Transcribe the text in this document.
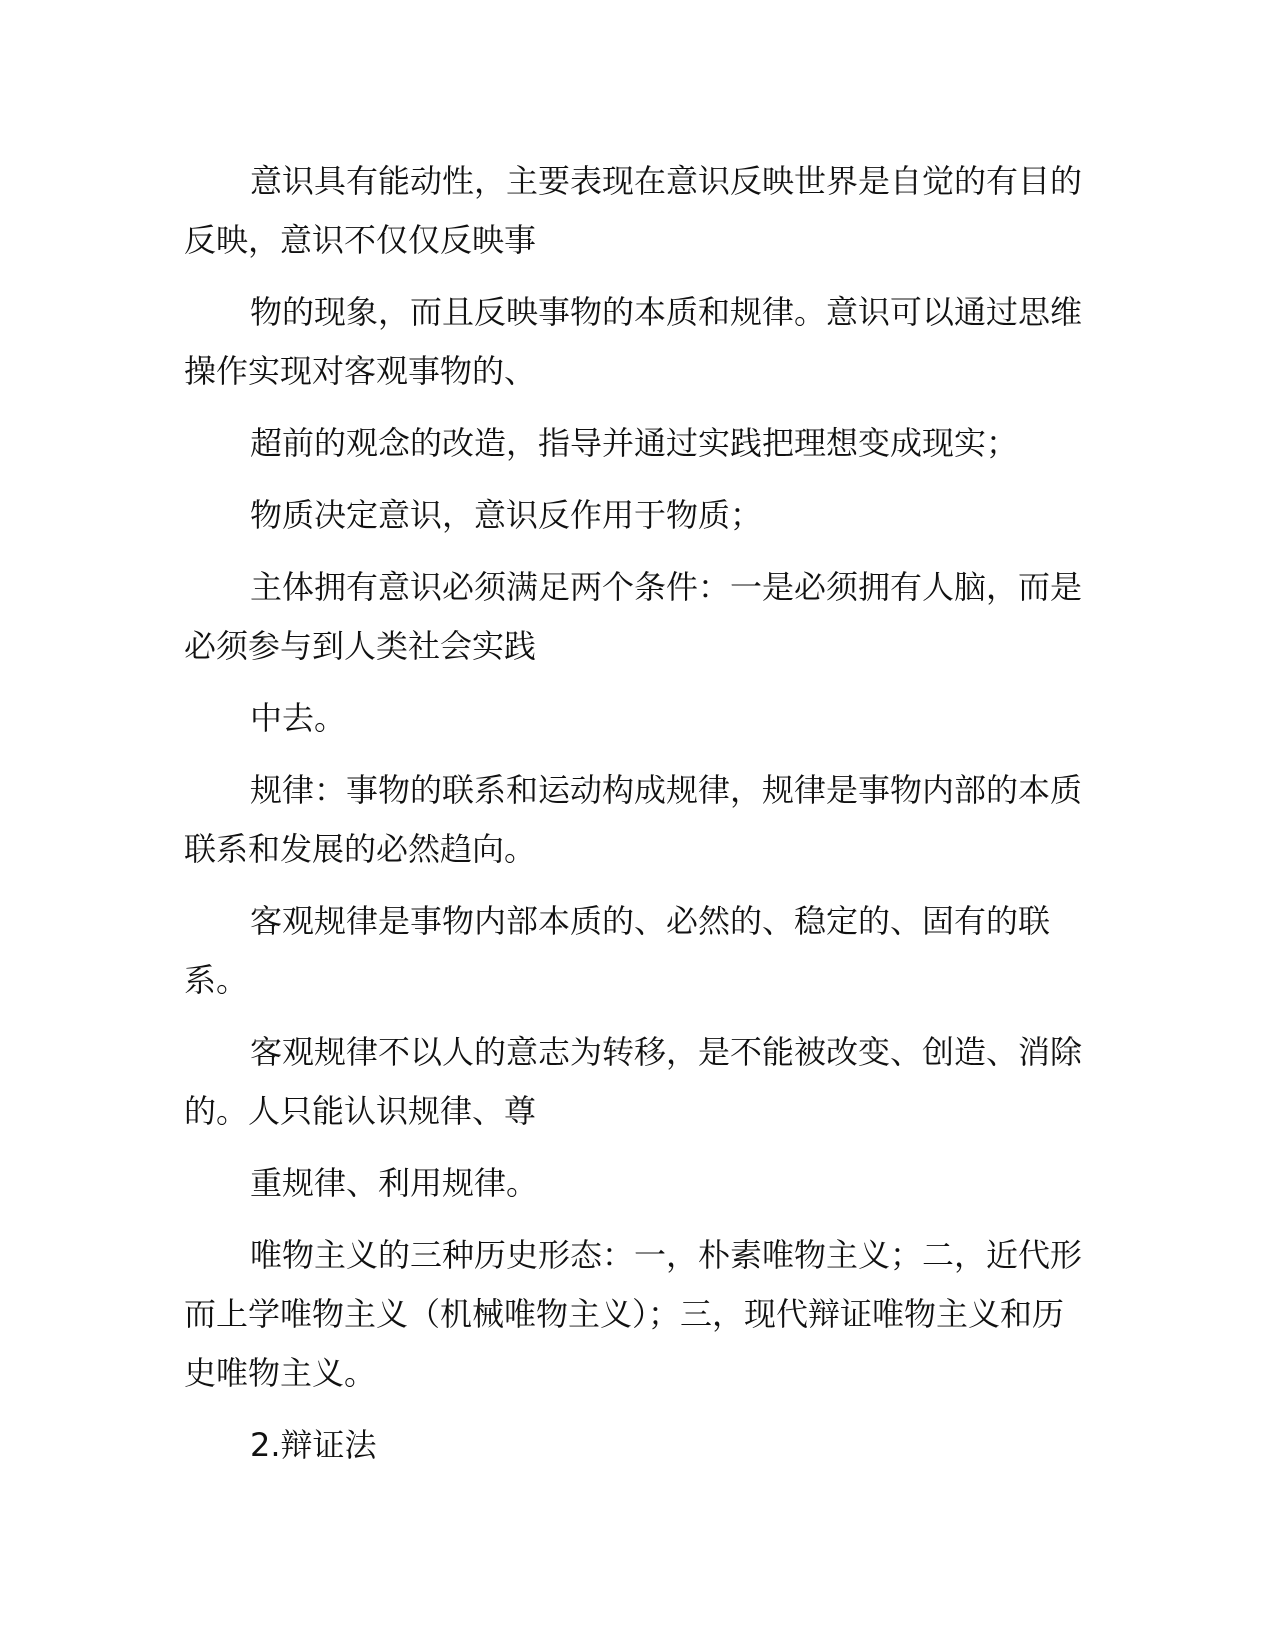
意识具有能动性，主要表现在意识反映世界是自觉的有目的反映，意识不仅仅反映事

物的现象，而且反映事物的本质和规律。意识可以通过思维操作实现对客观事物的、

超前的观念的改造，指导并通过实践把理想变成现实；

物质决定意识，意识反作用于物质；

主体拥有意识必须满足两个条件：一是必须拥有人脑，而是必须参与到人类社会实践

中去。

规律：事物的联系和运动构成规律，规律是事物内部的本质联系和发展的必然趋向。

客观规律是事物内部本质的、必然的、稳定的、固有的联系。

客观规律不以人的意志为转移，是不能被改变、创造、消除的。人只能认识规律、尊

重规律、利用规律。

唯物主义的三种历史形态：一，朴素唯物主义；二，近代形而上学唯物主义（机械唯物主义）；三，现代辩证唯物主义和历史唯物主义。

2.辩证法
